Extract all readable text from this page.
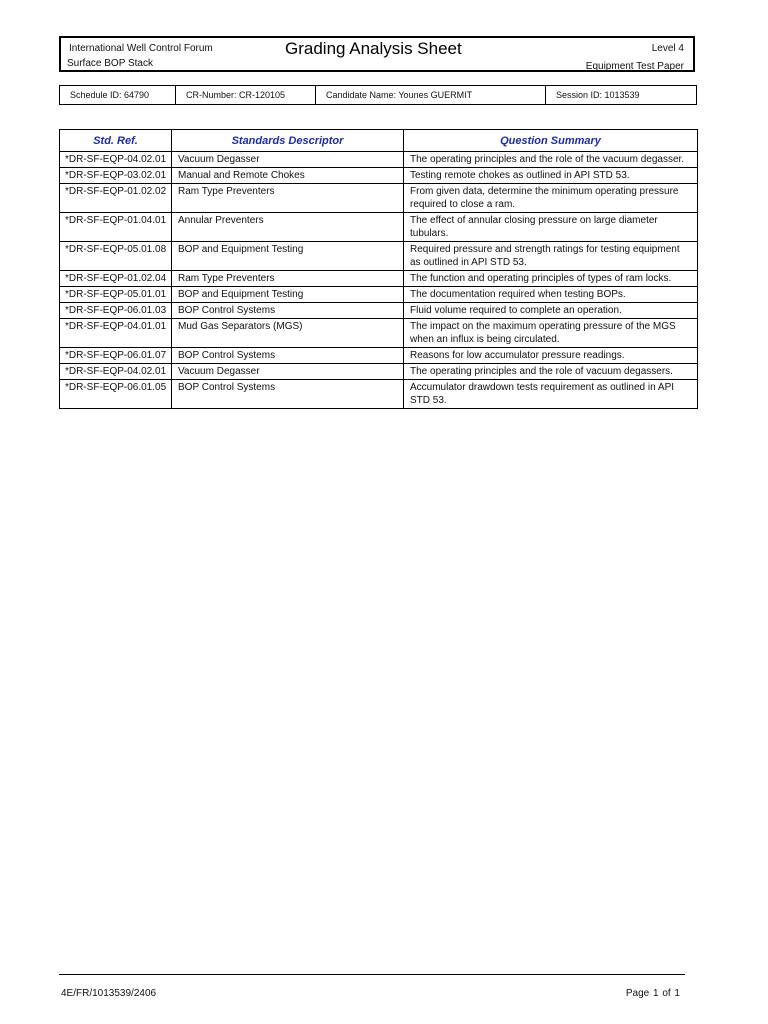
International Well Control Forum
Surface BOP Stack
Grading Analysis Sheet	Level 4
Equipment Test Paper
Schedule ID: 64790	CR-Number: CR-120105	Candidate Name: Younes GUERMIT	Session ID: 1013539
Std. Ref.	Standards Descriptor	Question Summary
*DR-SF-EQP-04.02.01	Vacuum Degasser	The operating principles and the role of the vacuum degasser.
*DR-SF-EQP-03.02.01	Manual and Remote Chokes	Testing remote chokes as outlined in API STD 53.
*DR-SF-EQP-01.02.02	Ram Type Preventers	From given data, determine the minimum operating pressure required to close a ram.
*DR-SF-EQP-01.04.01	Annular Preventers	The effect of annular closing pressure on large diameter tubulars.
*DR-SF-EQP-05.01.08	BOP and Equipment Testing	Required pressure and strength ratings for testing equipment as outlined in API STD 53.
*DR-SF-EQP-01.02.04	Ram Type Preventers	The function and operating principles of types of ram locks.
*DR-SF-EQP-05.01.01	BOP and Equipment Testing	The documentation required when testing BOPs.
*DR-SF-EQP-06.01.03	BOP Control Systems	Fluid volume required to complete an operation.
*DR-SF-EQP-04.01.01	Mud Gas Separators (MGS)	The impact on the maximum operating pressure of the MGS when an influx is being circulated.
*DR-SF-EQP-06.01.07	BOP Control Systems	Reasons for low accumulator pressure readings.
*DR-SF-EQP-04.02.01	Vacuum Degasser	The operating principles and the role of vacuum degassers.
*DR-SF-EQP-06.01.05	BOP Control Systems	Accumulator drawdown tests requirement as outlined in API STD 53.
4E/FR/1013539/2406	Page 1 of 1
